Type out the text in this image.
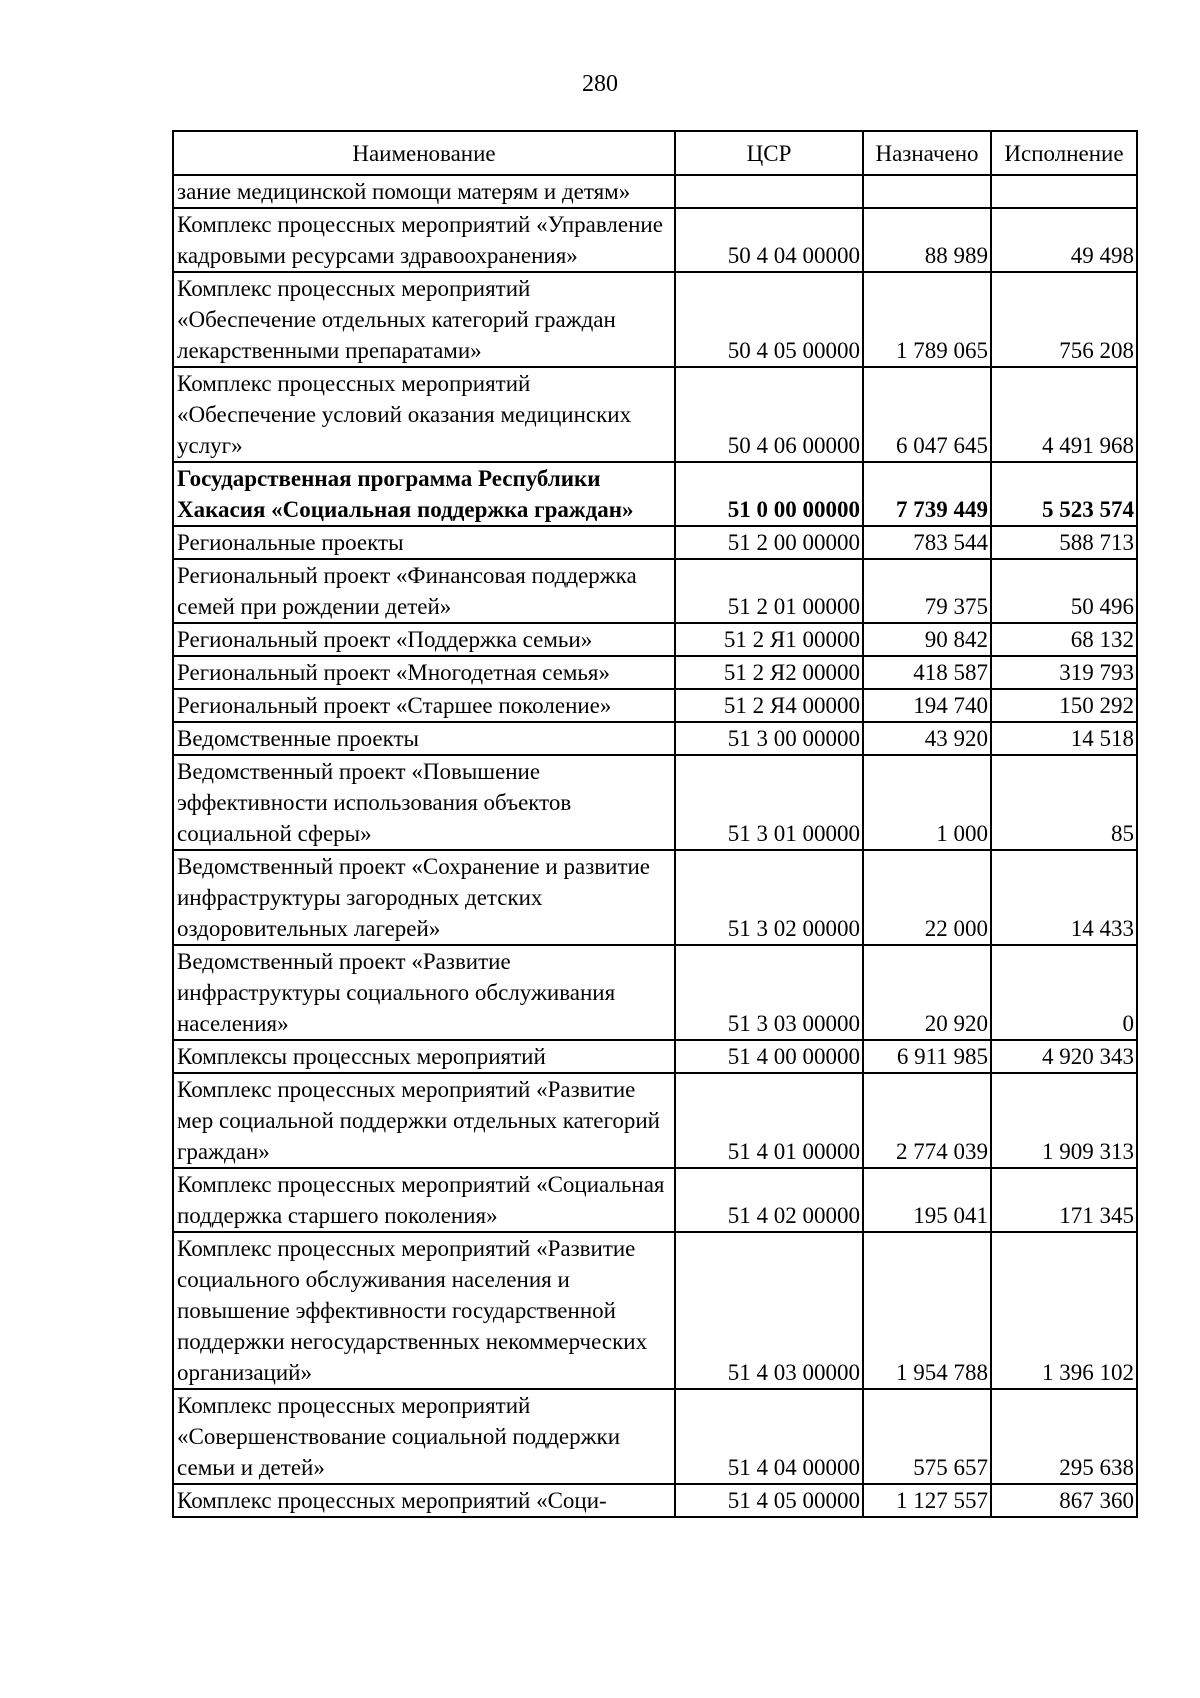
280
Наименование	ЦСР	Назначено	Исполнение
зание медицинской помощи матерям и детям»			
Комплекс процессных мероприятий «Управление кадровыми ресурсами здравоохранения»	50 4 04 00000	88 989	49 498
Комплекс процессных мероприятий «Обеспечение отдельных категорий граждан лекарственными препаратами»	50 4 05 00000	1 789 065	756 208
Комплекс процессных мероприятий «Обеспечение условий оказания медицинских услуг»	50 4 06 00000	6 047 645	4 491 968
Государственная программа Республики Хакасия «Социальная поддержка граждан»	51 0 00 00000	7 739 449	5 523 574
Региональные проекты	51 2 00 00000	783 544	588 713
Региональный проект «Финансовая поддержка семей при рождении детей»	51 2 01 00000	79 375	50 496
Региональный проект «Поддержка семьи»	51 2 Я1 00000	90 842	68 132
Региональный проект «Многодетная семья»	51 2 Я2 00000	418 587	319 793
Региональный проект «Старшее поколение»	51 2 Я4 00000	194 740	150 292
Ведомственные проекты	51 3 00 00000	43 920	14 518
Ведомственный проект «Повышение эффективности использования объектов социальной сферы»	51 3 01 00000	1 000	85
Ведомственный проект «Сохранение и развитие инфраструктуры загородных детских оздоровительных лагерей»	51 3 02 00000	22 000	14 433
Ведомственный проект «Развитие инфраструктуры социального обслуживания населения»	51 3 03 00000	20 920	0
Комплексы процессных мероприятий	51 4 00 00000	6 911 985	4 920 343
Комплекс процессных мероприятий «Развитие мер социальной поддержки отдельных категорий граждан»	51 4 01 00000	2 774 039	1 909 313
Комплекс процессных мероприятий «Социальная поддержка старшего поколения»	51 4 02 00000	195 041	171 345
Комплекс процессных мероприятий «Развитие социального обслуживания населения и повышение эффективности государственной поддержки негосударственных некоммерческих организаций»	51 4 03 00000	1 954 788	1 396 102
Комплекс процессных мероприятий «Совершенствование социальной поддержки семьи и детей»	51 4 04 00000	575 657	295 638
Комплекс процессных мероприятий «Соци-	51 4 05 00000	1 127 557	867 360
